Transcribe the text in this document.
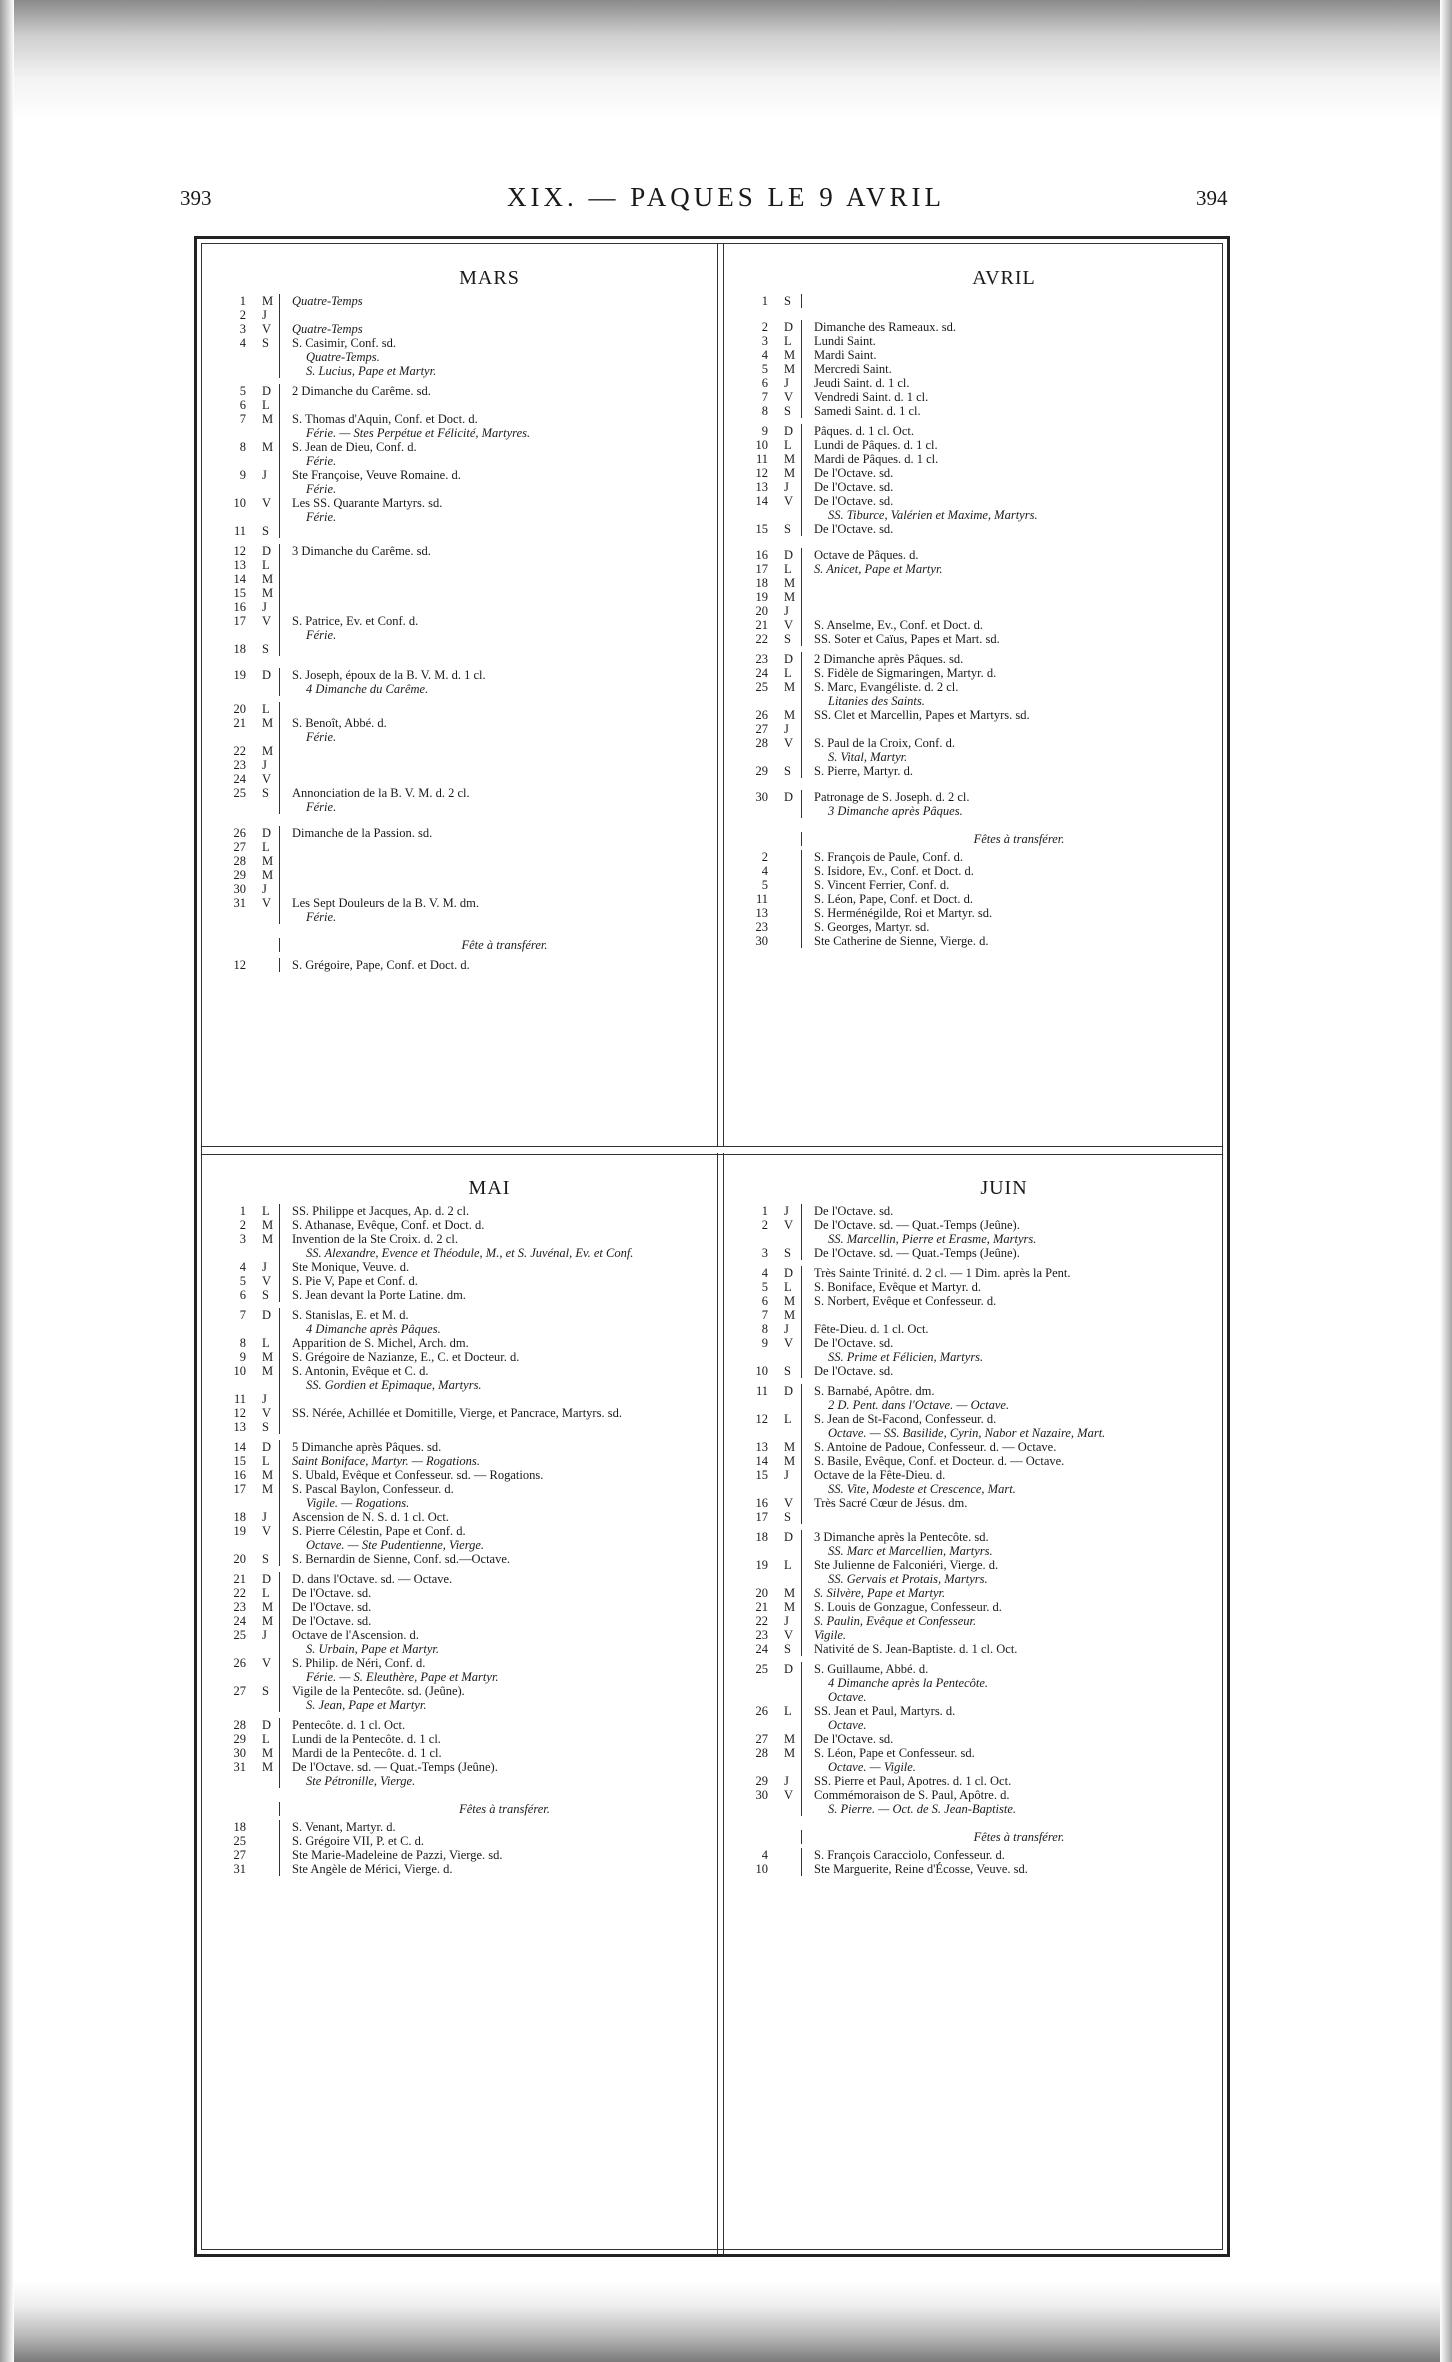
393	XIX. — PAQUES LE 9 AVRIL	394
MARS
1	M	Quatre-Temps
2	J
3	V	Quatre-Temps
4	S	S. Casimir, Conf. sd.
Quatre-Temps.
S. Lucius, Pape et Martyr.
5	D	2 Dimanche du Carême. sd.
6	L
7	M	S. Thomas d'Aquin, Conf. et Doct. d.
Férie. — Stes Perpétue et Félicité, Martyres.
8	M	S. Jean de Dieu, Conf. d.
Férie.
9	J	Ste Françoise, Veuve Romaine. d.
Férie.
10	V	Les SS. Quarante Martyrs. sd.
Férie.
11	S
12	D	3 Dimanche du Carême. sd.
13	L
14	M
15	M
16	J
17	V	S. Patrice, Ev. et Conf. d.
Férie.
18	S
19	D	S. Joseph, époux de la B. V. M. d. 1 cl.
4 Dimanche du Carême.
20	L
21	M	S. Benoît, Abbé. d.
Férie.
22	M
23	J
24	V
25	S	Annonciation de la B. V. M. d. 2 cl.
Férie.
26	D	Dimanche de la Passion. sd.
27	L
28	M
29	M
30	J
31	V	Les Sept Douleurs de la B. V. M. dm.
Férie.
Fête à transférer.
12	S. Grégoire, Pape, Conf. et Doct. d.
AVRIL
1	S
2	D	Dimanche des Rameaux. sd.
3	L	Lundi Saint.
4	M	Mardi Saint.
5	M	Mercredi Saint.
6	J	Jeudi Saint. d. 1 cl.
7	V	Vendredi Saint. d. 1 cl.
8	S	Samedi Saint. d. 1 cl.
9	D	Pâques. d. 1 cl. Oct.
10	L	Lundi de Pâques. d. 1 cl.
11	M	Mardi de Pâques. d. 1 cl.
12	M	De l'Octave. sd.
13	J	De l'Octave. sd.
14	V	De l'Octave. sd.
SS. Tiburce, Valérien et Maxime, Martyrs.
15	S	De l'Octave. sd.
16	D	Octave de Pâques. d.
17	L	S. Anicet, Pape et Martyr.
18	M
19	M
20	J
21	V	S. Anselme, Ev., Conf. et Doct. d.
22	S	SS. Soter et Caïus, Papes et Mart. sd.
23	D	2 Dimanche après Pâques. sd.
24	L	S. Fidèle de Sigmaringen, Martyr. d.
25	M	S. Marc, Evangéliste. d. 2 cl.
Litanies des Saints.
26	M	SS. Clet et Marcellin, Papes et Martyrs. sd.
27	J
28	V	S. Paul de la Croix, Conf. d.
S. Vital, Martyr.
29	S	S. Pierre, Martyr. d.
30	D	Patronage de S. Joseph. d. 2 cl.
3 Dimanche après Pâques.
Fêtes à transférer.
2	S. François de Paule, Conf. d.
4	S. Isidore, Ev., Conf. et Doct. d.
5	S. Vincent Ferrier, Conf. d.
11	S. Léon, Pape, Conf. et Doct. d.
13	S. Herménégilde, Roi et Martyr. sd.
23	S. Georges, Martyr. sd.
30	Ste Catherine de Sienne, Vierge. d.
MAI
1	L	SS. Philippe et Jacques, Ap. d. 2 cl.
2	M	S. Athanase, Evêque, Conf. et Doct. d.
3	M	Invention de la Ste Croix. d. 2 cl.
SS. Alexandre, Evence et Théodule, M., et S. Juvénal, Ev. et Conf.
4	J	Ste Monique, Veuve. d.
5	V	S. Pie V, Pape et Conf. d.
6	S	S. Jean devant la Porte Latine. dm.
7	D	S. Stanislas, E. et M. d.
4 Dimanche après Pâques.
8	L	Apparition de S. Michel, Arch. dm.
9	M	S. Grégoire de Nazianze, E., C. et Docteur. d.
10	M	S. Antonin, Evêque et C. d.
SS. Gordien et Epimaque, Martyrs.
11	J
12	V	SS. Nérée, Achillée et Domitille, Vierge, et Pancrace, Martyrs. sd.
13	S
14	D	5 Dimanche après Pâques. sd.
15	L	Saint Boniface, Martyr. — Rogations.
16	M	S. Ubald, Evêque et Confesseur. sd. — Rogations.
17	M	S. Pascal Baylon, Confesseur. d.
Vigile. — Rogations.
18	J	Ascension de N. S. d. 1 cl. Oct.
19	V	S. Pierre Célestin, Pape et Conf. d.
Octave. — Ste Pudentienne, Vierge.
20	S	S. Bernardin de Sienne, Conf. sd.—Octave.
21	D	D. dans l'Octave. sd. — Octave.
22	L	De l'Octave. sd.
23	M	De l'Octave. sd.
24	M	De l'Octave. sd.
25	J	Octave de l'Ascension. d.
S. Urbain, Pape et Martyr.
26	V	S. Philip. de Néri, Conf. d.
Férie. — S. Eleuthère, Pape et Martyr.
27	S	Vigile de la Pentecôte. sd. (Jeûne).
S. Jean, Pape et Martyr.
28	D	Pentecôte. d. 1 cl. Oct.
29	L	Lundi de la Pentecôte. d. 1 cl.
30	M	Mardi de la Pentecôte. d. 1 cl.
31	M	De l'Octave. sd. — Quat.-Temps (Jeûne).
Ste Pétronille, Vierge.
Fêtes à transférer.
18	S. Venant, Martyr. d.
25	S. Grégoire VII, P. et C. d.
27	Ste Marie-Madeleine de Pazzi, Vierge. sd.
31	Ste Angèle de Mérici, Vierge. d.
JUIN
1	J	De l'Octave. sd.
2	V	De l'Octave. sd. — Quat.-Temps (Jeûne).
SS. Marcellin, Pierre et Erasme, Martyrs.
3	S	De l'Octave. sd. — Quat.-Temps (Jeûne).
4	D	Très Sainte Trinité. d. 2 cl. — 1 Dim. après la Pent.
5	L	S. Boniface, Evêque et Martyr. d.
6	M	S. Norbert, Evêque et Confesseur. d.
7	M
8	J	Fête-Dieu. d. 1 cl. Oct.
9	V	De l'Octave. sd.
SS. Prime et Félicien, Martyrs.
10	S	De l'Octave. sd.
11	D	S. Barnabé, Apôtre. dm.
2 D. Pent. dans l'Octave. — Octave.
12	L	S. Jean de St-Facond, Confesseur. d.
Octave. — SS. Basilide, Cyrin, Nabor et Nazaire, Mart.
13	M	S. Antoine de Padoue, Confesseur. d. — Octave.
14	M	S. Basile, Evêque, Conf. et Docteur. d. — Octave.
15	J	Octave de la Fête-Dieu. d.
SS. Vite, Modeste et Crescence, Mart.
16	V	Très Sacré Cœur de Jésus. dm.
17	S
18	D	3 Dimanche après la Pentecôte. sd.
SS. Marc et Marcellien, Martyrs.
19	L	Ste Julienne de Falconiéri, Vierge. d.
SS. Gervais et Protais, Martyrs.
20	M	S. Silvère, Pape et Martyr.
21	M	S. Louis de Gonzague, Confesseur. d.
22	J	S. Paulin, Evêque et Confesseur.
23	V	Vigile.
24	S	Nativité de S. Jean-Baptiste. d. 1 cl. Oct.
25	D	S. Guillaume, Abbé. d.
4 Dimanche après la Pentecôte.
Octave.
26	L	SS. Jean et Paul, Martyrs. d.
Octave.
27	M	De l'Octave. sd.
28	M	S. Léon, Pape et Confesseur. sd.
Octave. — Vigile.
29	J	SS. Pierre et Paul, Apotres. d. 1 cl. Oct.
30	V	Commémoraison de S. Paul, Apôtre. d.
S. Pierre. — Oct. de S. Jean-Baptiste.
Fêtes à transférer.
4	S. François Caracciolo, Confesseur. d.
10	Ste Marguerite, Reine d'Écosse, Veuve. sd.
